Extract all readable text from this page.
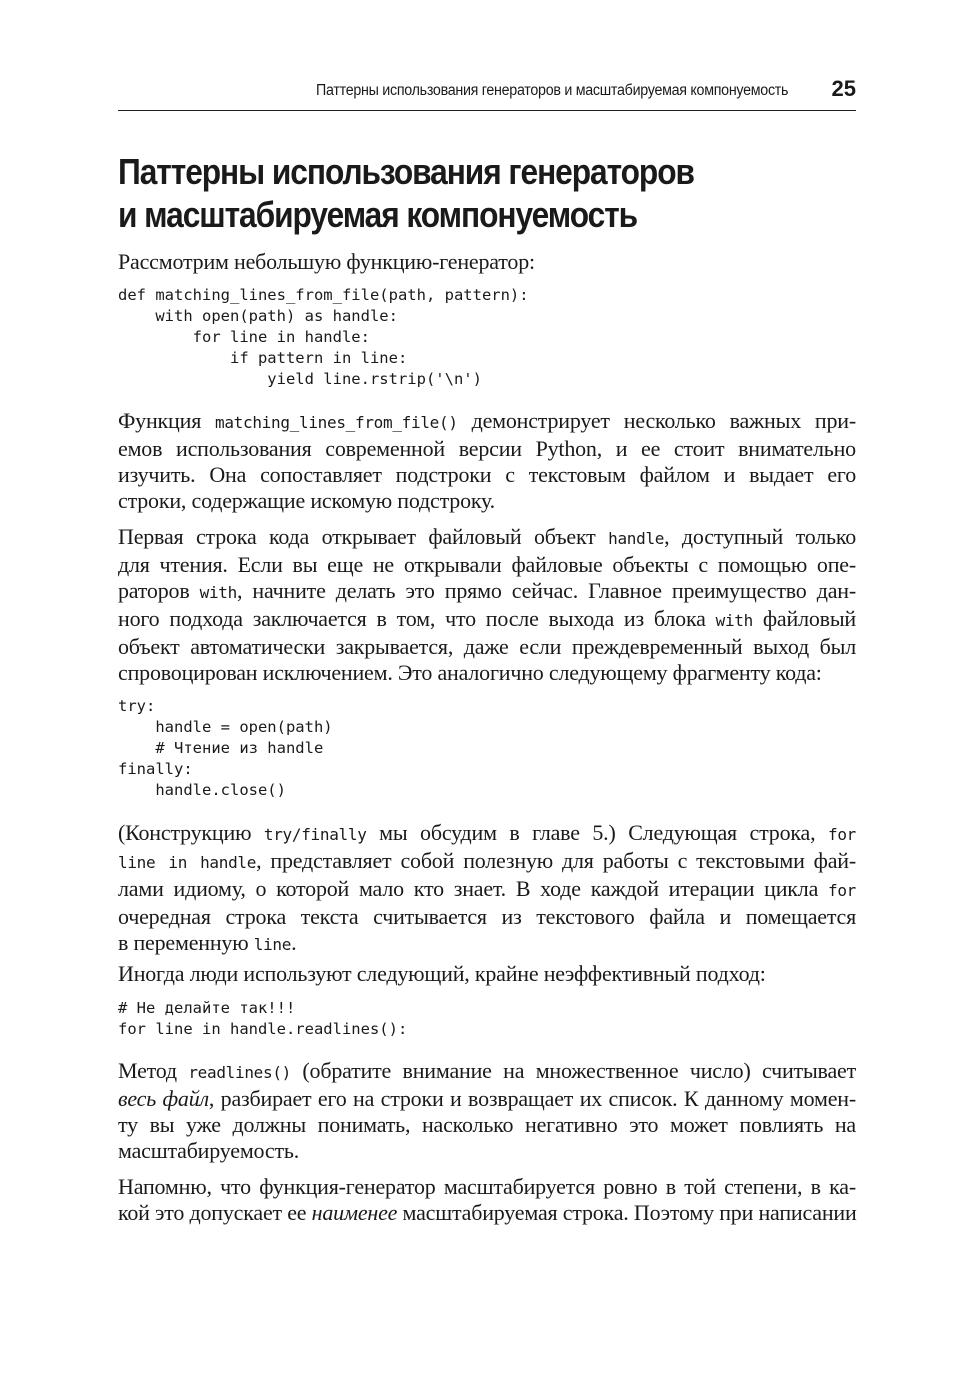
Паттерны использования генераторов и масштабируемая компонуемость 25
Паттерны использования генераторов
и масштабируемая компонуемость

Рассмотрим небольшую функцию-генератор:

def matching_lines_from_file(path, pattern):
with open(path) as handle:
for line in handle:
if pattern in line:
yield line.rstrip('\n')

Функция matching_lines_from_file() демонстрирует несколько важных при-
емов использования современной версии Python, и ее стоит внимательно
изучить. Она сопоставляет подстроки с текстовым файлом и выдает его
строки, содержащие искомую подстроку.

Первая строка кода открывает файловый объект handle, доступный только
для чтения. Если вы еще не открывали файловые объекты с помощью опе-
раторов with, начните делать это прямо сейчас. Главное преимущество дан-
ного подхода заключается в том, что после выхода из блока with файловый
объект автоматически закрывается, даже если преждевременный выход был
спровоцирован исключением. Это аналогично следующему фрагменту кода:

try:
handle = open(path)
# Чтение из handle
finally:
handle.close()

(Конструкцию try/finally мы обсудим в главе 5.) Следующая строка, for
line in handle, представляет собой полезную для работы с текстовыми фай-
лами идиому, о которой мало кто знает. В ходе каждой итерации цикла for
очередная строка текста считывается из текстового файла и помещается
в переменную line.

Иногда люди используют следующий, крайне неэффективный подход:

# Не делайте так!!!
for line in handle.readlines():

Метод readlines() (обратите внимание на множественное число) считывает
весь файл, разбирает его на строки и возвращает их список. К данному момен-
ту вы уже должны понимать, насколько негативно это может повлиять на
масштабируемость.

Напомню, что функция-генератор масштабируется ровно в той степени, в ка-
кой это допускает ее наименее масштабируемая строка. Поэтому при написании
